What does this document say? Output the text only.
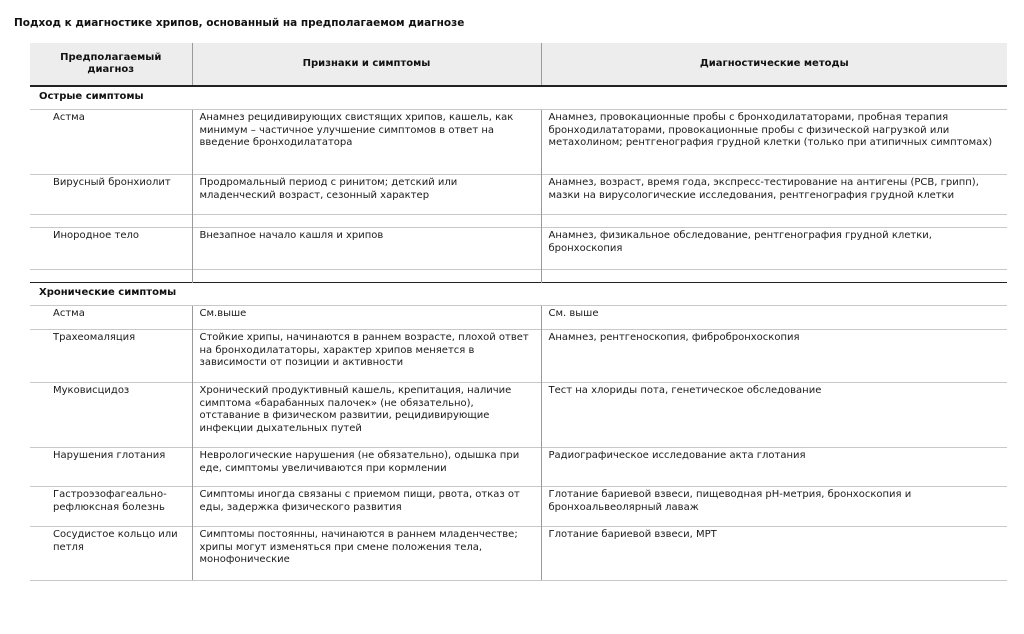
Подход к диагностике хрипов, основанный на предполагаемом диагнозе
Предполагаемый диагноз	Признаки и симптомы	Диагностические методы
Острые симптомы		
Астма	Анамнез рецидивирующих свистящих хрипов, кашель, как минимум – частичное улучшение симптомов в ответ на введение бронходилататора	Анамнез, провокационные пробы с бронходилататорами, пробная терапия бронходилататорами, провокационные пробы с физической нагрузкой или метахолином; рентгенография грудной клетки (только при атипичных симптомах)
Вирусный бронхиолит	Продромальный период с ринитом; детский или младенческий возраст, сезонный характер	Анамнез, возраст, время года, экспресс-тестирование на антигены (РСВ, грипп), мазки на вирусологические исследования, рентгенография грудной клетки

Инородное тело	Внезапное начало кашля и хрипов	Анамнез, физикальное обследование, рентгенография грудной клетки, бронхоскопия

Хронические симптомы		
Астма	См.выше	См. выше
Трахеомаляция	Стойкие хрипы, начинаются в раннем возрасте, плохой ответ на бронходилататоры, характер хрипов меняется в зависимости от позиции и активности	Анамнез, рентгеноскопия, фибробронхоскопия
Муковисцидоз	Хронический продуктивный кашель, крепитация, наличие симптома «барабанных палочек» (не обязательно), отставание в физическом развитии, рецидивирующие инфекции дыхательных путей	Тест на хлориды пота, генетическое обследование
Нарушения глотания	Неврологические нарушения (не обязательно), одышка при еде, симптомы увеличиваются при кормлении	Радиографическое исследование акта глотания
Гастроэзофагеально-рефлюксная болезнь	Симптомы иногда связаны с приемом пищи, рвота, отказ от еды, задержка физического развития	Глотание бариевой взвеси, пищеводная рН-метрия, бронхоскопия и бронхоальвеолярный лаваж
Сосудистое кольцо или петля	Симптомы постоянны, начинаются в раннем младенчестве; хрипы могут изменяться при смене положения тела, монофонические	Глотание бариевой взвеси, МРТ
